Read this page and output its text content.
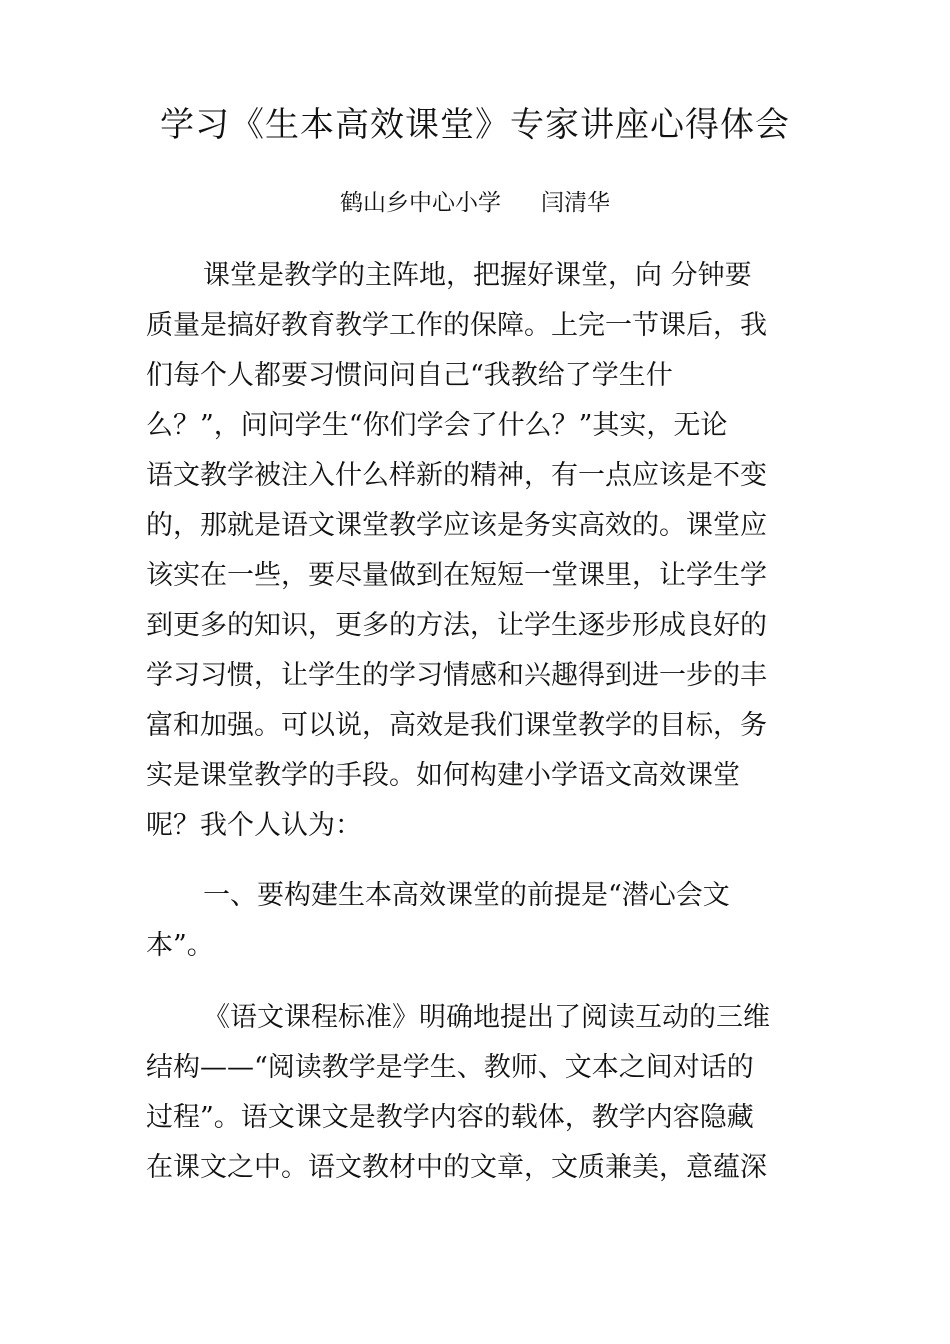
学习《生本高效课堂》专家讲座心得体会
鹤山乡中心小学 闫清华
课堂是教学的主阵地，把握好课堂，向 分钟要
质量是搞好教育教学工作的保障。上完一节课后，我
们每个人都要习惯问问自己“我教给了学生什
么？”，问问学生“你们学会了什么？”其实，无论
语文教学被注入什么样新的精神，有一点应该是不变
的，那就是语文课堂教学应该是务实高效的。课堂应
该实在一些，要尽量做到在短短一堂课里，让学生学
到更多的知识，更多的方法，让学生逐步形成良好的
学习习惯，让学生的学习情感和兴趣得到进一步的丰
富和加强。可以说，高效是我们课堂教学的目标，务
实是课堂教学的手段。如何构建小学语文高效课堂
呢？我个人认为：
一、要构建生本高效课堂的前提是“潜心会文
本”。
《语文课程标准》明确地提出了阅读互动的三维
结构——“阅读教学是学生、教师、文本之间对话的
过程”。语文课文是教学内容的载体，教学内容隐藏
在课文之中。语文教材中的文章，文质兼美，意蕴深
